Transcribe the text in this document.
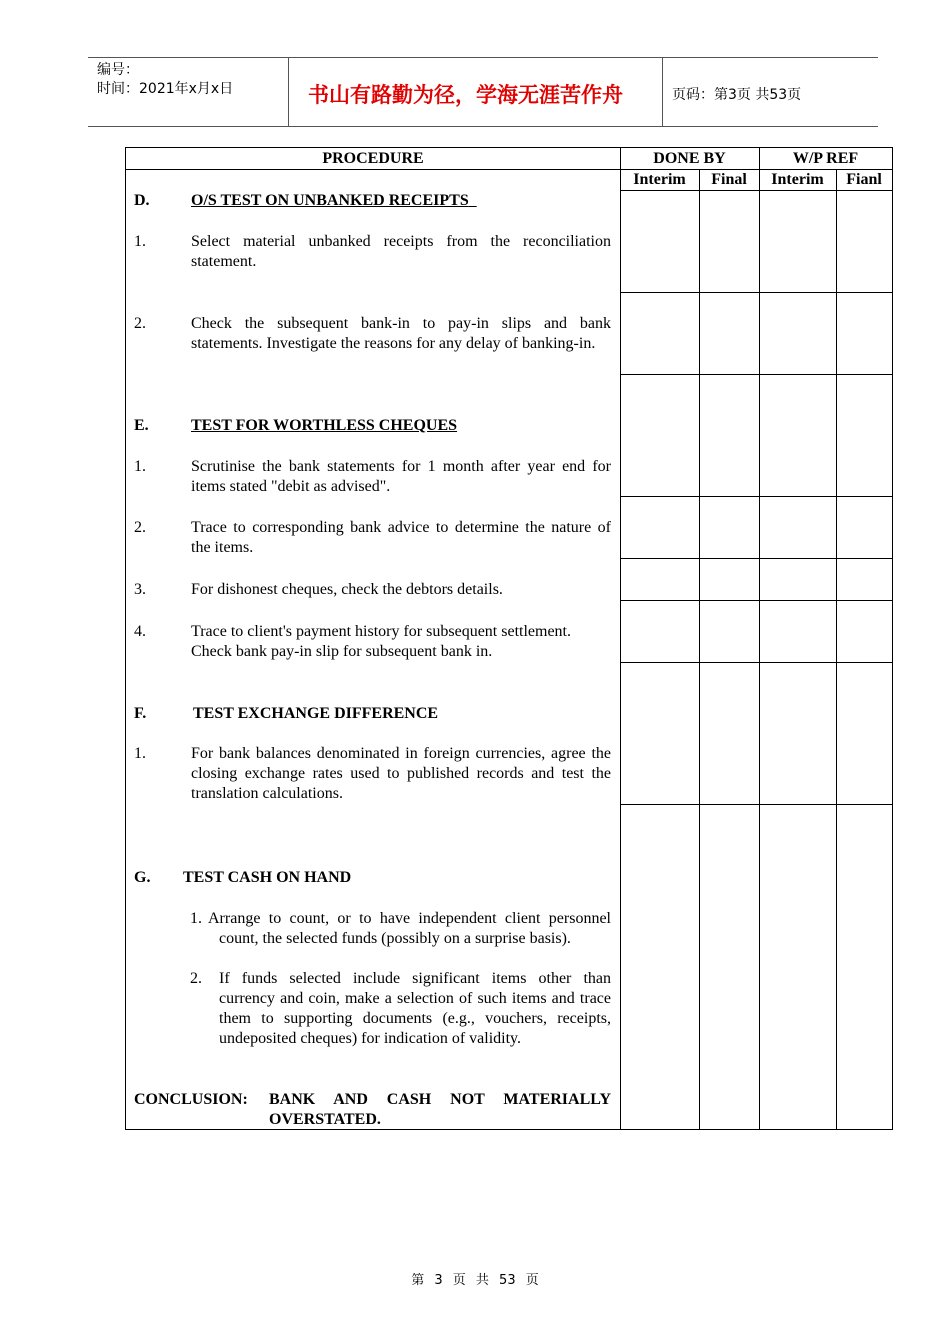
编号：
时间：2021年x月x日	书山有路勤为径，学海无涯苦作舟	页码：第3页 共53页
PROCEDURE	DONE BY	W/P REF
Interim	Final	Interim	Fianl
D.	O/S TEST ON UNBANKED RECEIPTS
1.	Select material unbanked receipts from the reconciliation statement.
2.	Check the subsequent bank-in to pay-in slips and bank statements. Investigate the reasons for any delay of banking-in.
E.	TEST FOR WORTHLESS CHEQUES
1.	Scrutinise the bank statements for 1 month after year end for items stated "debit as advised".
2.	Trace to corresponding bank advice to determine the nature of the items.
3.	For dishonest cheques, check the debtors details.
4.	Trace to client's payment history for subsequent settlement. Check bank pay-in slip for subsequent bank in.
F.	TEST EXCHANGE DIFFERENCE
1.	For bank balances denominated in foreign currencies, agree the closing exchange rates used to published records and test the translation calculations.
G. TEST CASH ON HAND
1. Arrange to count, or to have independent client personnel count, the selected funds (possibly on a surprise basis).
2. If funds selected include significant items other than currency and coin, make a selection of such items and trace them to supporting documents (e.g., vouchers, receipts, undeposited cheques) for indication of validity.
CONCLUSION: BANK AND CASH NOT MATERIALLY OVERSTATED.
第 3 页 共 53 页
